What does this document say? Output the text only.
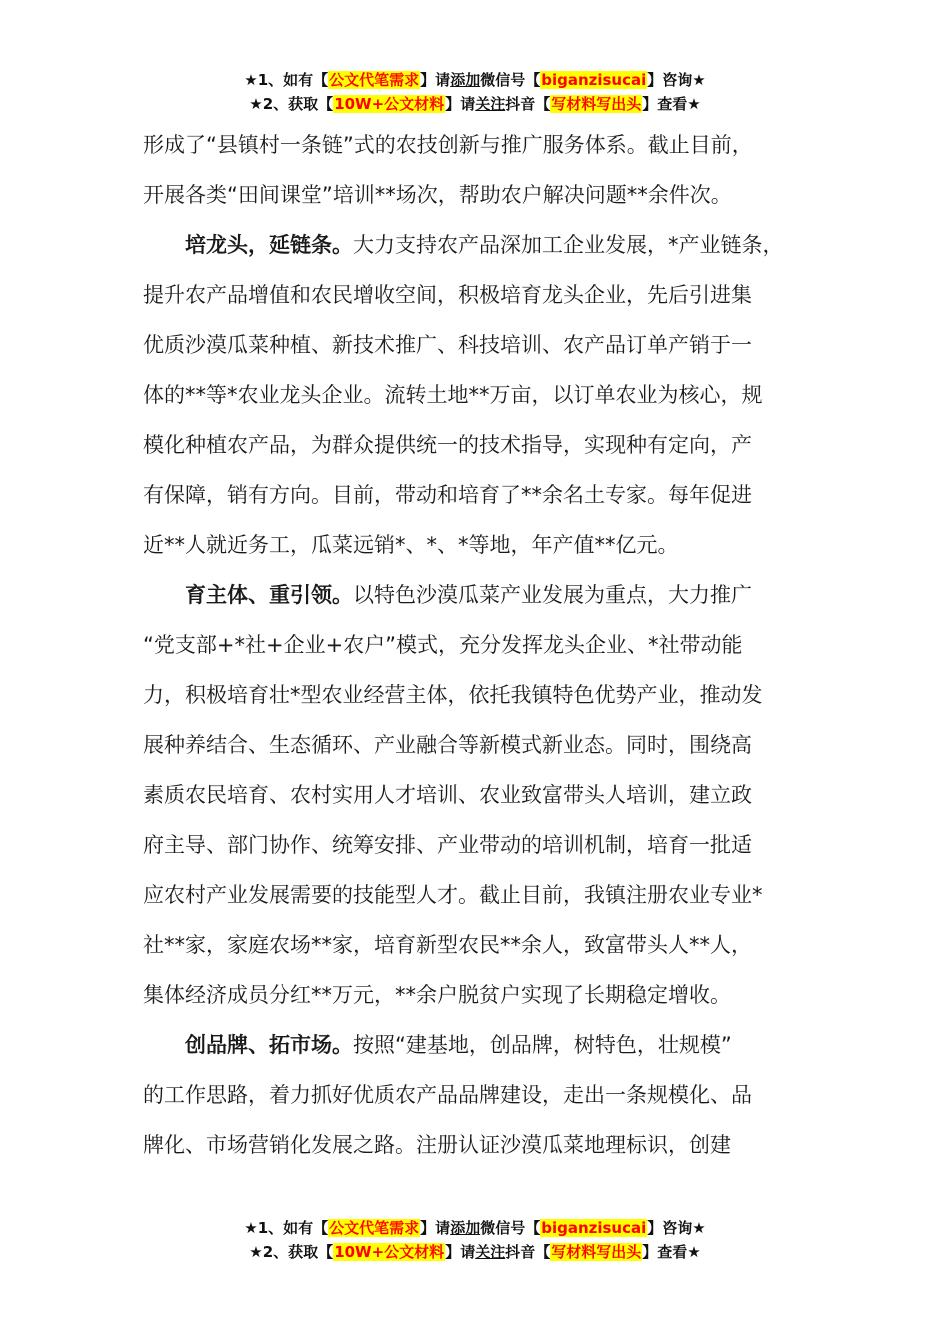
★1、如有【公文代笔需求】请添加微信号【biganzisucai】咨询★
★2、获取【10W+公文材料】请关注抖音【写材料写出头】查看★

形成了“县镇村一条链”式的农技创新与推广服务体系。截止目前，
开展各类“田间课堂”培训**场次，帮助农户解决问题**余件次。

培龙头，延链条。大力支持农产品深加工企业发展，*产业链条，
提升农产品增值和农民增收空间，积极培育龙头企业，先后引进集
优质沙漠瓜菜种植、新技术推广、科技培训、农产品订单产销于一
体的**等*农业龙头企业。流转土地**万亩，以订单农业为核心，规
模化种植农产品，为群众提供统一的技术指导，实现种有定向，产
有保障，销有方向。目前，带动和培育了**余名土专家。每年促进
近**人就近务工，瓜菜远销*、*、*等地，年产值**亿元。

育主体、重引领。以特色沙漠瓜菜产业发展为重点，大力推广
“党支部+*社+企业+农户”模式，充分发挥龙头企业、*社带动能
力，积极培育壮*型农业经营主体，依托我镇特色优势产业，推动发
展种养结合、生态循环、产业融合等新模式新业态。同时，围绕高
素质农民培育、农村实用人才培训、农业致富带头人培训，建立政
府主导、部门协作、统筹安排、产业带动的培训机制，培育一批适
应农村产业发展需要的技能型人才。截止目前，我镇注册农业专业*
社**家，家庭农场**家，培育新型农民**余人，致富带头人**人，
集体经济成员分红**万元，**余户脱贫户实现了长期稳定增收。

创品牌、拓市场。按照“建基地，创品牌，树特色，壮规模”
的工作思路，着力抓好优质农产品品牌建设，走出一条规模化、品
牌化、市场营销化发展之路。注册认证沙漠瓜菜地理标识，创建

★1、如有【公文代笔需求】请添加微信号【biganzisucai】咨询★
★2、获取【10W+公文材料】请关注抖音【写材料写出头】查看★
